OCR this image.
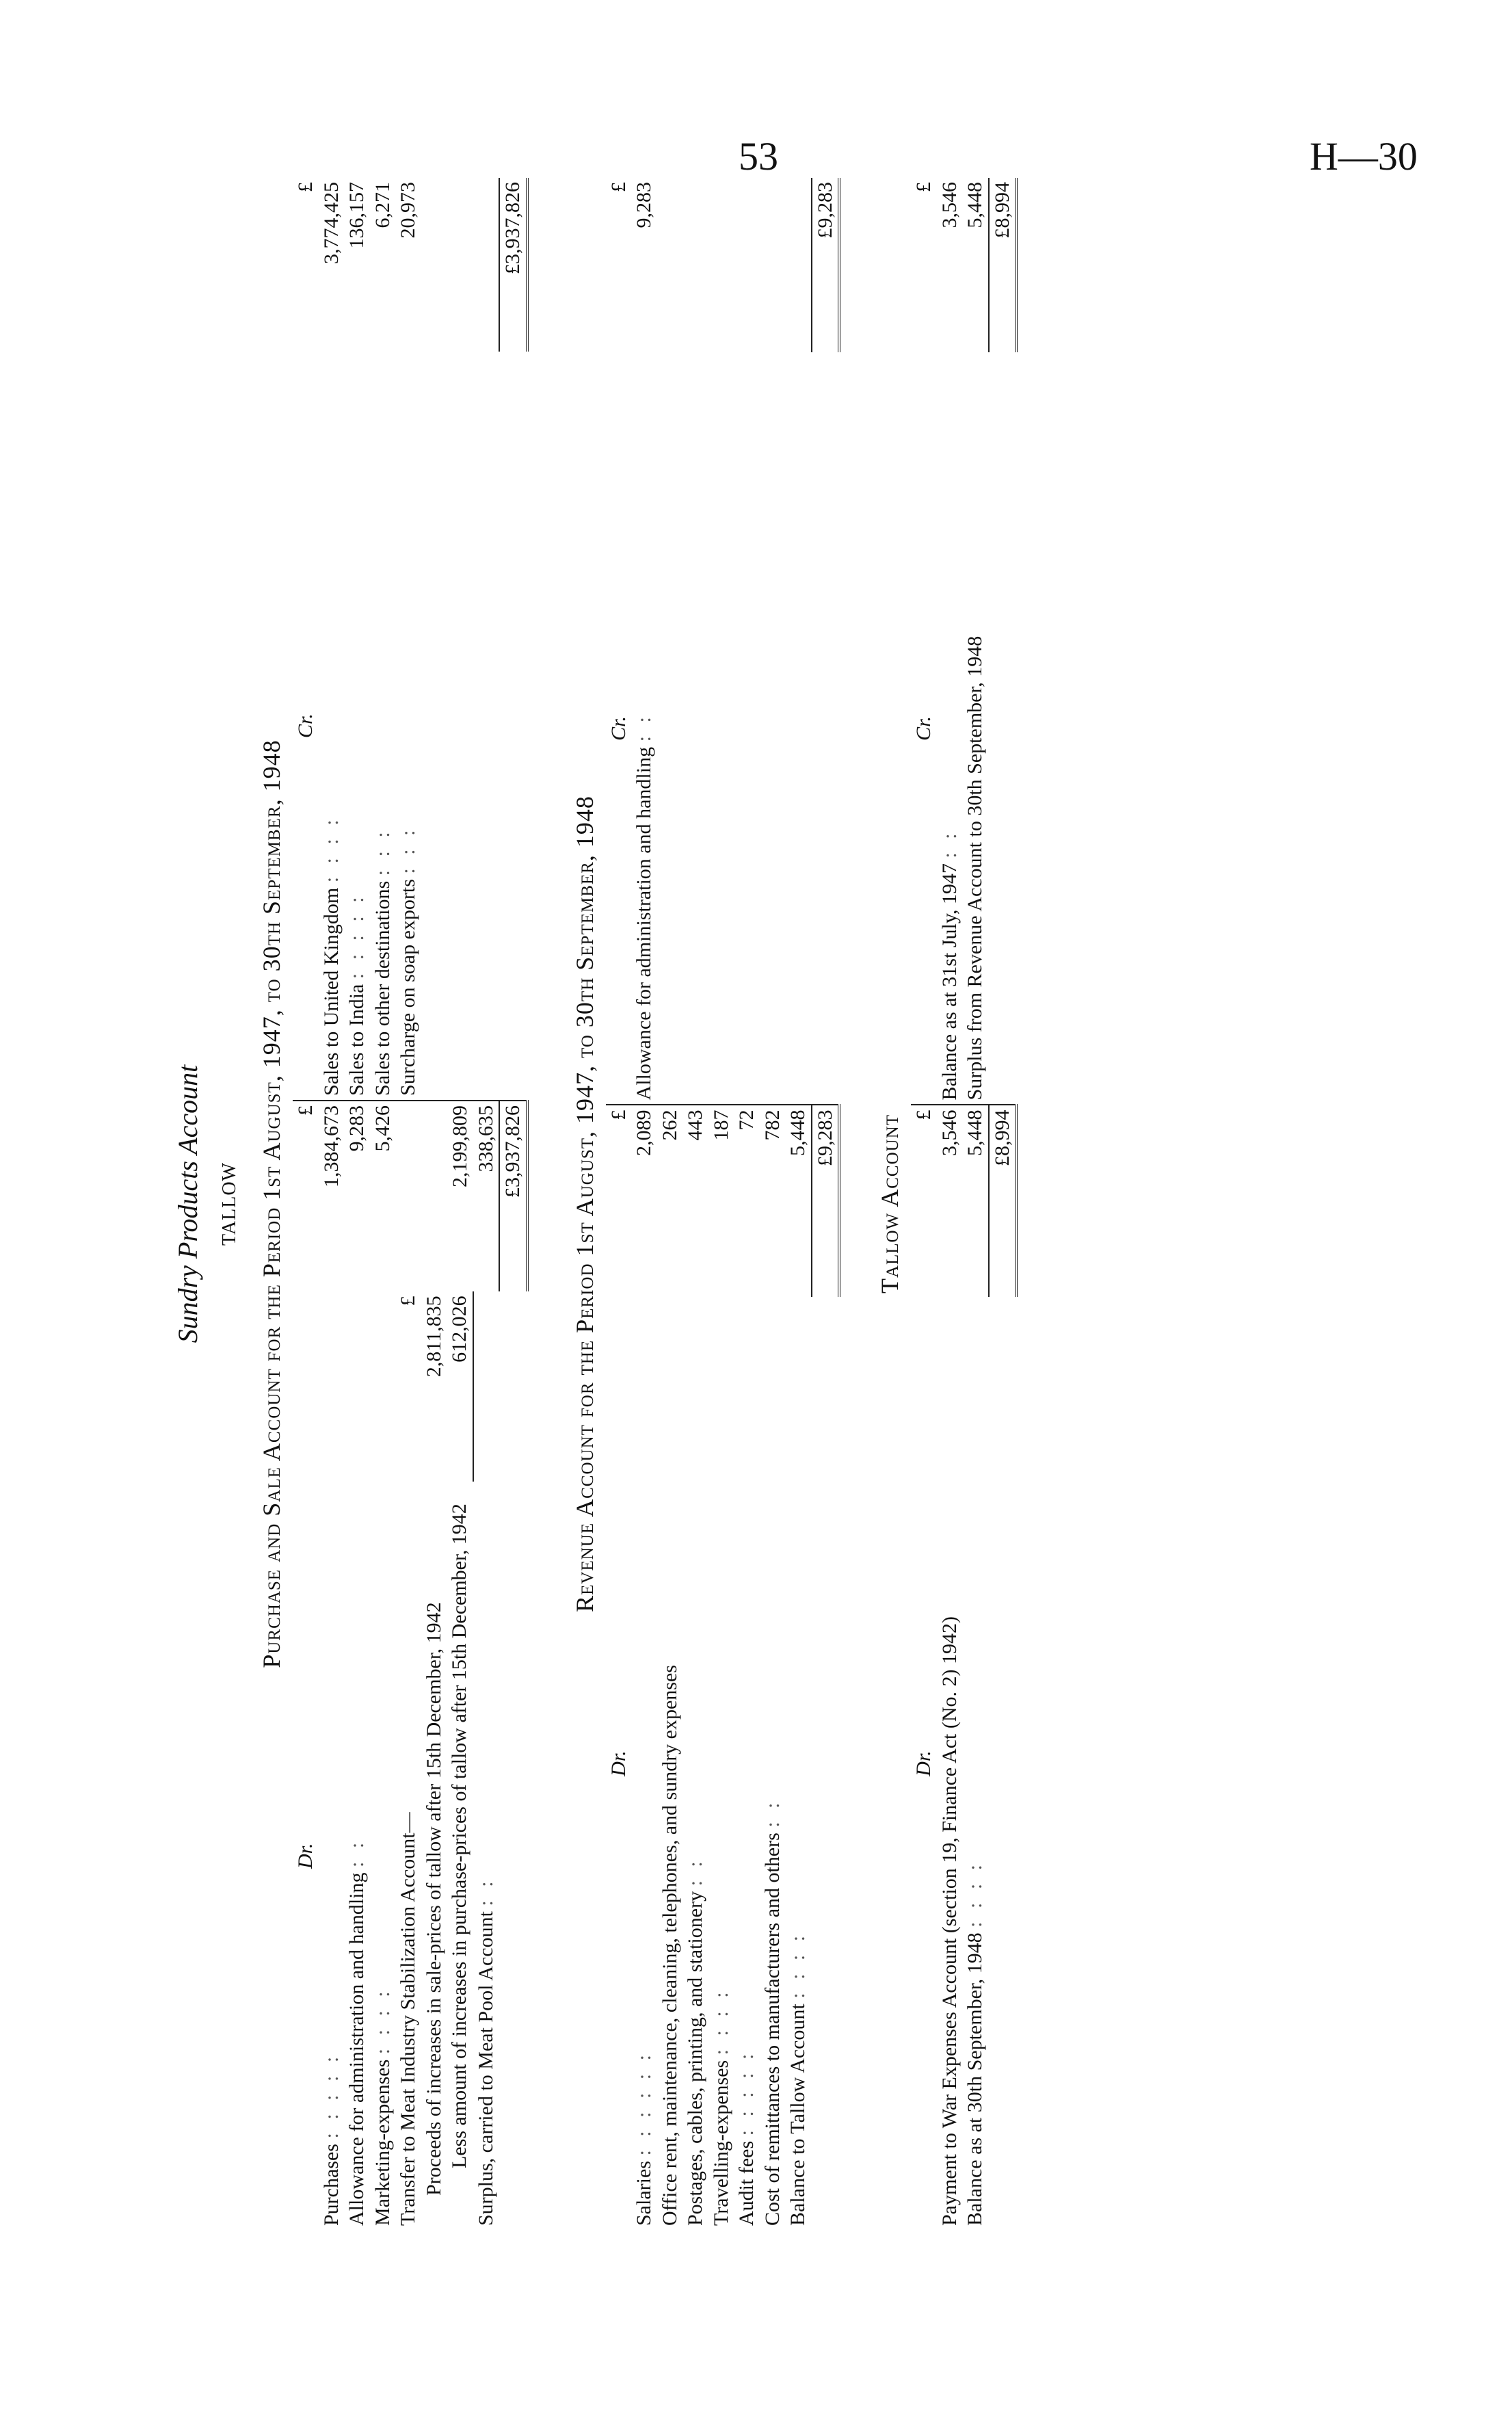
53	H—30
Sundry Products Account TALLOW Purchase and Sale Account for the Period 1st August, 1947, to 30th September, 1948
Dr.		£	Cr.	£
Purchases : : : : :		1,384,673	Sales to United Kingdom : : : :	3,774,425
Allowance for administration and handling : :		9,283	Sales to India : : : : :	136,157
Marketing-expenses : : : :		5,426	Sales to other destinations : : :	6,271
Transfer to Meat Industry Stabilization Account—	£		Surcharge on soap exports : : :	20,973
Proceeds of increases in sale-prices of tallow after 15th December, 1942	2,811,835			
Less amount of increases in purchase-prices of tallow after 15th December, 1942	612,026	2,199,809		
Surplus, carried to Meat Pool Account : :		338,635		
		£3,937,826		£3,937,826
Revenue Account for the Period 1st August, 1947, to 30th September, 1948
Dr.	£	Cr.	£
Salaries : : : : : :	2,089	Allowance for administration and handling : :	9,283
Office rent, maintenance, cleaning, telephones, and sundry expenses	262		
Postages, cables, printing, and stationery : :	443		
Travelling-expenses : : : :	187		
Audit fees : : : : :	72		
Cost of remittances to manufacturers and others : :	782		
Balance to Tallow Account : : : :	5,448		
	£9,283		£9,283
Tallow Account
Dr.	£	Cr.	£
Payment to War Expenses Account (section 19, Finance Act (No. 2) 1942)	3,546	Balance as at 31st July, 1947 : :	3,546
Balance as at 30th September, 1948 : : : :	5,448	Surplus from Revenue Account to 30th September, 1948	5,448
	£8,994		£8,994
